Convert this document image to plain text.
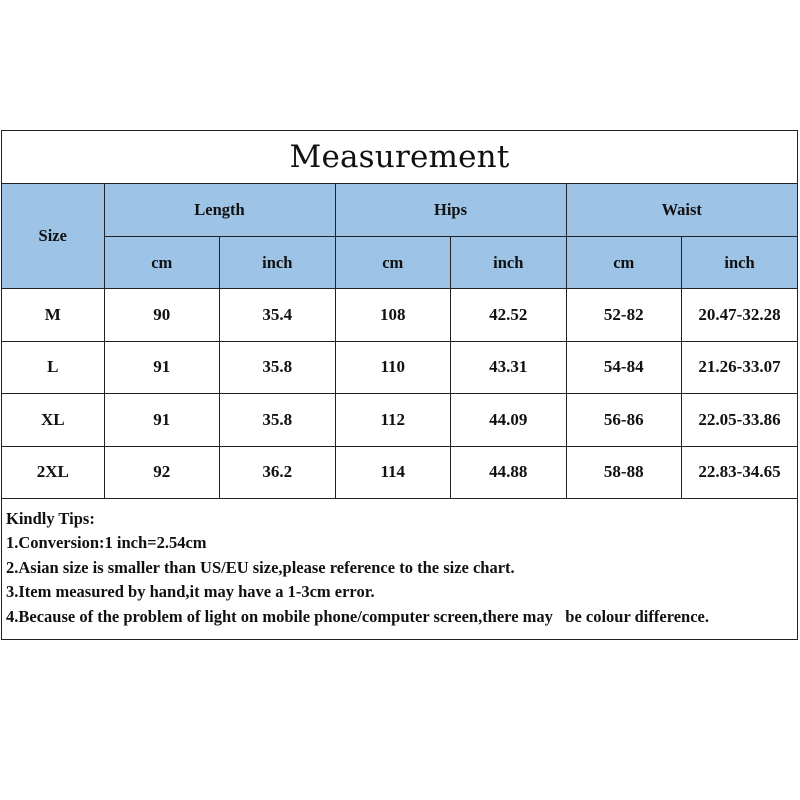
Measurement
Size	Length		Hips		Waist	
	cm	inch	cm	inch	cm	inch
M	90	35.4	108	42.52	52-82	20.47-32.28
L	91	35.8	110	43.31	54-84	21.26-33.07
XL	91	35.8	112	44.09	56-86	22.05-33.86
2XL	92	36.2	114	44.88	58-88	22.83-34.65
Kindly Tips:
1.Conversion:1 inch=2.54cm
2.Asian size is smaller than US/EU size,please reference to the size chart.
3.Item measured by hand,it may have a 1-3cm error.
4.Because of the problem of light on mobile phone/computer screen,there may   be colour difference.
